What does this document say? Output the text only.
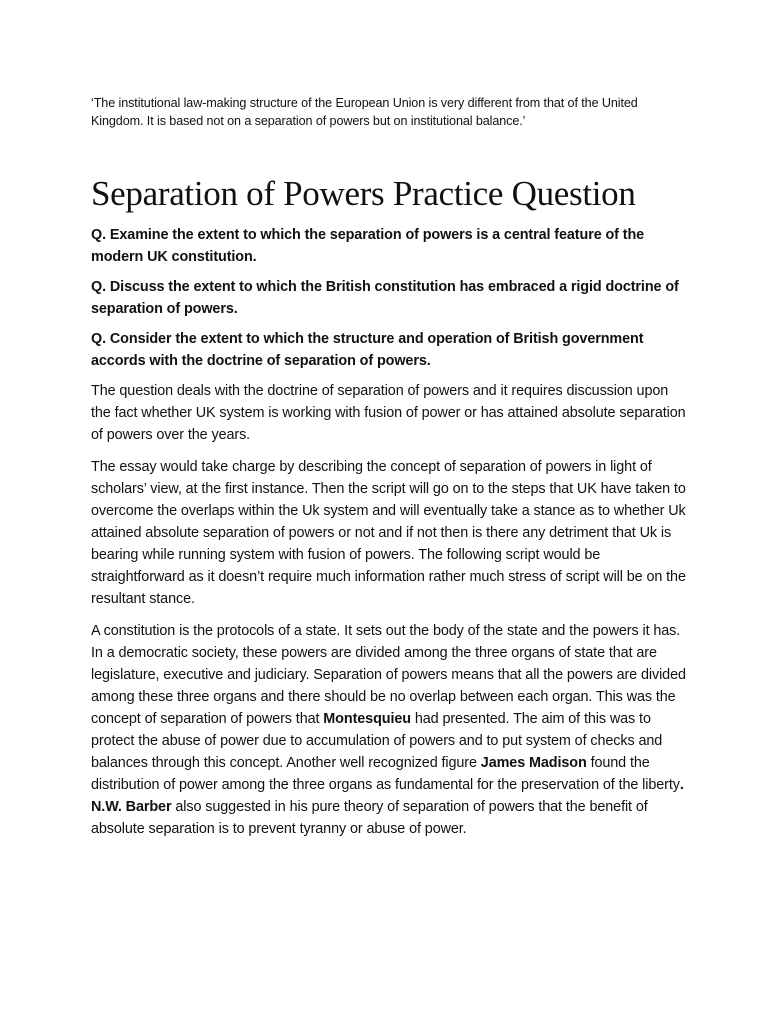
‘The institutional law-making structure of the European Union is very different from that of the United Kingdom. It is based not on a separation of powers but on institutional balance.’

Separation of Powers Practice Question

Q. Examine the extent to which the separation of powers is a central feature of the modern UK constitution.

Q. Discuss the extent to which the British constitution has embraced a rigid doctrine of separation of powers.

Q. Consider the extent to which the structure and operation of British government accords with the doctrine of separation of powers.

The question deals with the doctrine of separation of powers and it requires discussion upon the fact whether UK system is working with fusion of power or has attained absolute separation of powers over the years.

The essay would take charge by describing the concept of separation of powers in light of scholars’ view, at the first instance. Then the script will go on to the steps that UK have taken to overcome the overlaps within the Uk system and will eventually take a stance as to whether Uk attained absolute separation of powers or not and if not then is there any detriment that Uk is bearing while running system with fusion of powers. The following script would be straightforward as it doesn’t require much information rather much stress of script will be on the resultant stance.

A constitution is the protocols of a state. It sets out the body of the state and the powers it has. In a democratic society, these powers are divided among the three organs of state that are legislature, executive and judiciary. Separation of powers means that all the powers are divided among these three organs and there should be no overlap between each organ. This was the concept of separation of powers that Montesquieu had presented. The aim of this was to protect the abuse of power due to accumulation of powers and to put system of checks and balances through this concept. Another well recognized figure James Madison found the distribution of power among the three organs as fundamental for the preservation of the liberty. N.W. Barber also suggested in his pure theory of separation of powers that the benefit of absolute separation is to prevent tyranny or abuse of power.
